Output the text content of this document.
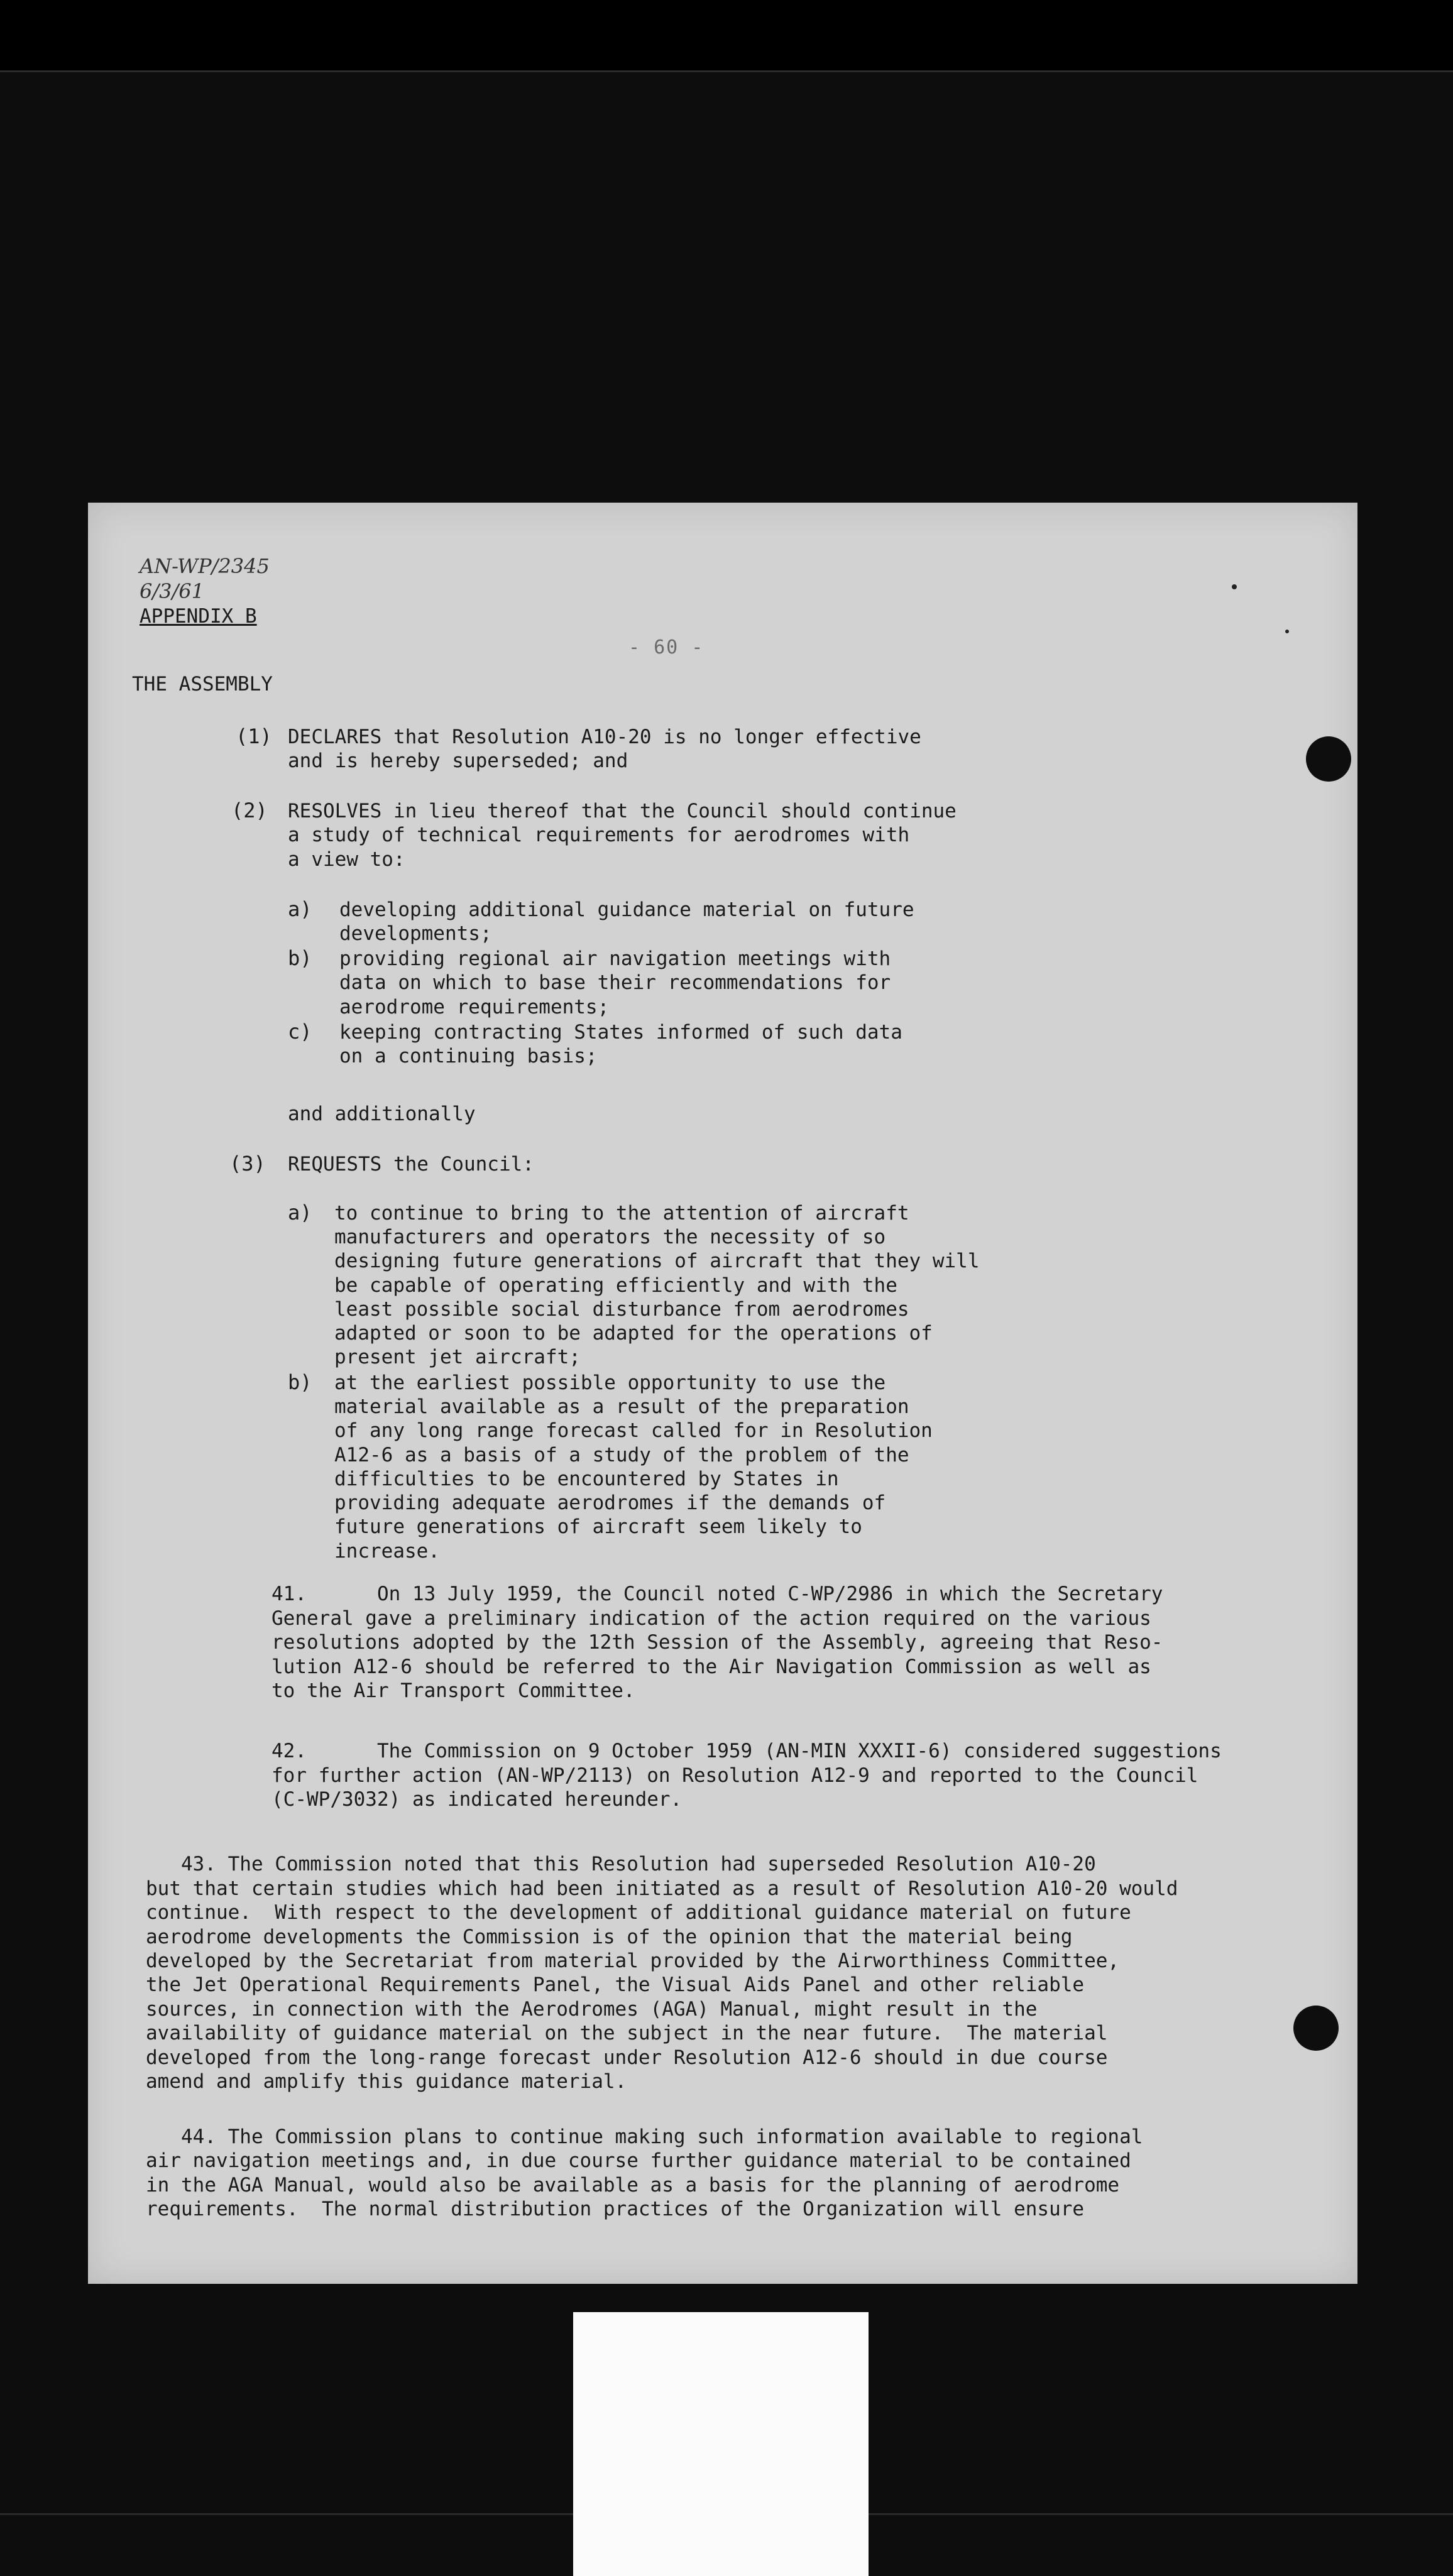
AN-WP/2345

6/3/61

APPENDIX B

- 60 -

THE ASSEMBLY

(1) DECLARES that Resolution A10-20 is no longer effective

and is hereby superseded; and

(2) RESOLVES in lieu thereof that the Council should continue

a study of technical requirements for aerodromes with

a view to:

a) developing additional guidance material on future

developments;

b) providing regional air navigation meetings with

data on which to base their recommendations for

aerodrome requirements;

c) keeping contracting States informed of such data

on a continuing basis;

and additionally

(3) REQUESTS the Council:

a) to continue to bring to the attention of aircraft

manufacturers and operators the necessity of so

designing future generations of aircraft that they will

be capable of operating efficiently and with the

least possible social disturbance from aerodromes

adapted or soon to be adapted for the operations of

present jet aircraft;

b) at the earliest possible opportunity to use the

material available as a result of the preparation

of any long range forecast called for in Resolution

A12-6 as a basis of a study of the problem of the

difficulties to be encountered by States in

providing adequate aerodromes if the demands of

future generations of aircraft seem likely to

increase.

41.      On 13 July 1959, the Council noted C-WP/2986 in which the Secretary

General gave a preliminary indication of the action required on the various

resolutions adopted by the 12th Session of the Assembly, agreeing that Reso-

lution A12-6 should be referred to the Air Navigation Commission as well as

to the Air Transport Committee.

42.      The Commission on 9 October 1959 (AN-MIN XXXII-6) considered suggestions

for further action (AN-WP/2113) on Resolution A12-9 and reported to the Council

(C-WP/3032) as indicated hereunder.

43. The Commission noted that this Resolution had superseded Resolution A10-20

but that certain studies which had been initiated as a result of Resolution A10-20 would

continue.  With respect to the development of additional guidance material on future

aerodrome developments the Commission is of the opinion that the material being

developed by the Secretariat from material provided by the Airworthiness Committee,

the Jet Operational Requirements Panel, the Visual Aids Panel and other reliable

sources, in connection with the Aerodromes (AGA) Manual, might result in the

availability of guidance material on the subject in the near future.  The material

developed from the long-range forecast under Resolution A12-6 should in due course

amend and amplify this guidance material.

44. The Commission plans to continue making such information available to regional

air navigation meetings and, in due course further guidance material to be contained

in the AGA Manual, would also be available as a basis for the planning of aerodrome

requirements.  The normal distribution practices of the Organization will ensure
